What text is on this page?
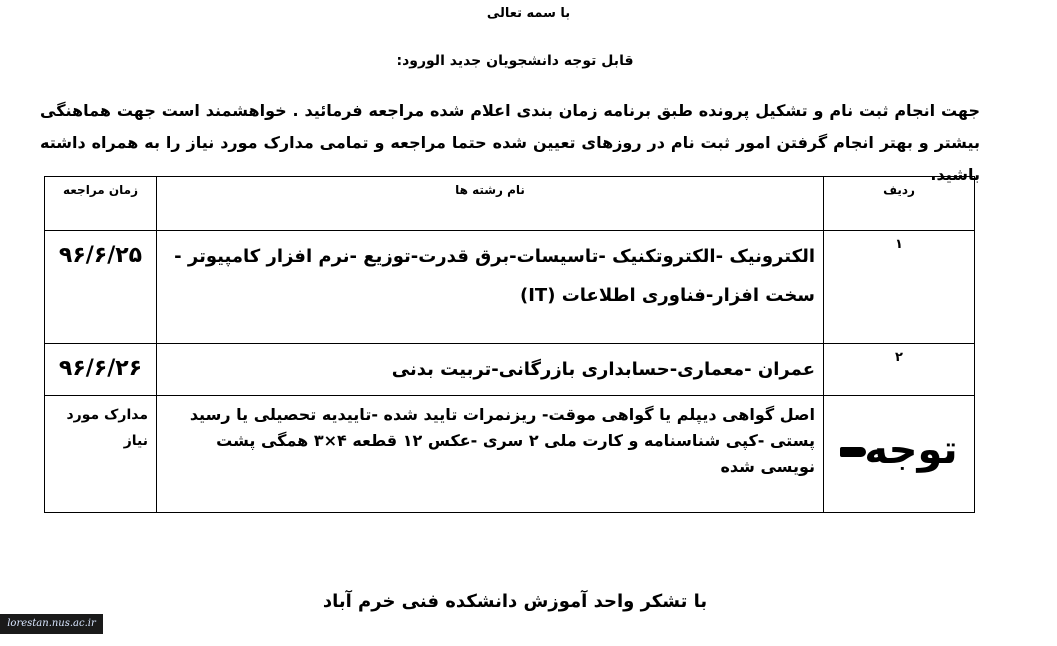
با سمه تعالی
قابل توجه دانشجویان جدید الورود:
جهت انجام ثبت نام و تشکیل پرونده طبق برنامه زمان بندی اعلام شده مراجعه فرمائید . خواهشمند است جهت هماهنگی بیشتر و بهتر انجام گرفتن امور ثبت نام در روزهای تعیین شده حتما مراجعه و تمامی مدارک مورد نیاز را به همراه داشته باشید.
ردیف	نام رشته ها	زمان مراجعه
۱	الکترونیک -الکتروتکنیک -تاسیسات-برق قدرت-توزیع -نرم افزار کامپیوتر - سخت افزار-فناوری اطلاعات (IT)	۹۶/۶/۲۵
۲	عمران -معماری-حسابداری بازرگانی-تربیت بدنی	۹۶/۶/۲۶
توجه	اصل گواهی دیپلم یا گواهی موقت- ریزنمرات تایید شده -تاییدیه تحصیلی یا رسید پستی -کپی شناسنامه و کارت ملی ۲ سری -عکس ۱۲ قطعه ۴×۳ همگی پشت نویسی شده	مدارک مورد نیاز
با تشکر واحد آموزش دانشکده فنی خرم آباد
lorestan.nus.ac.ir
